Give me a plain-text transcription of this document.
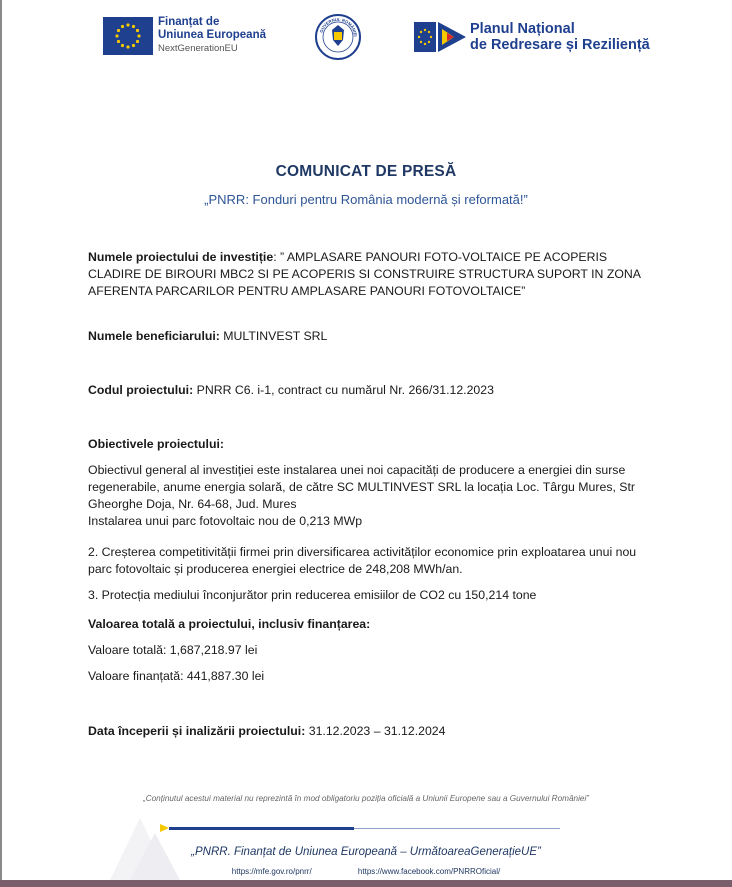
Finanțat de
Uniunea Europeană
NextGenerationEU
GUVERNUL ROMÂNIEI	Planul Național
de Redresare și Reziliență
COMUNICAT DE PRESĂ
„PNRR: Fonduri pentru România modernă și reformată!”
Numele proiectului de investiție: ” AMPLASARE PANOURI FOTO-VOLTAICE PE ACOPERIS CLADIRE DE BIROURI MBC2 SI PE ACOPERIS SI CONSTRUIRE STRUCTURA SUPORT IN ZONA AFERENTA PARCARILOR PENTRU AMPLASARE PANOURI FOTOVOLTAICE”
Numele beneficiarului: MULTINVEST SRL
Codul proiectului: PNRR C6. i-1, contract cu numărul Nr. 266/31.12.2023
Obiectivele proiectului:
Obiectivul general al investiției este instalarea unei noi capacități de producere a energiei din surse regenerabile, anume energia solară, de către SC MULTINVEST SRL la locația Loc. Târgu Mures, Str Gheorghe Doja, Nr. 64-68, Jud. Mures
Instalarea unui parc fotovoltaic nou de 0,213 MWp
2. Creșterea competitivității firmei prin diversificarea activităților economice prin exploatarea unui nou parc fotovoltaic și producerea energiei electrice de 248,208 MWh/an.
3. Protecția mediului înconjurător prin reducerea emisiilor de CO2 cu 150,214 tone
Valoarea totală a proiectului, inclusiv finanțarea:
Valoare totală: 1,687,218.97 lei
Valoare finanțată: 441,887.30 lei
Data începerii și inalizării proiectului: 31.12.2023 – 31.12.2024
„Conținutul acestui material nu reprezintă în mod obligatoriu poziția oficială a Uniunii Europene sau a Guvernului României”
„PNRR. Finanțat de Uniunea Europeană – UrmătoareaGenerațieUE”
https://mfe.gov.ro/pnrr/	https://www.facebook.com/PNRROficial/
